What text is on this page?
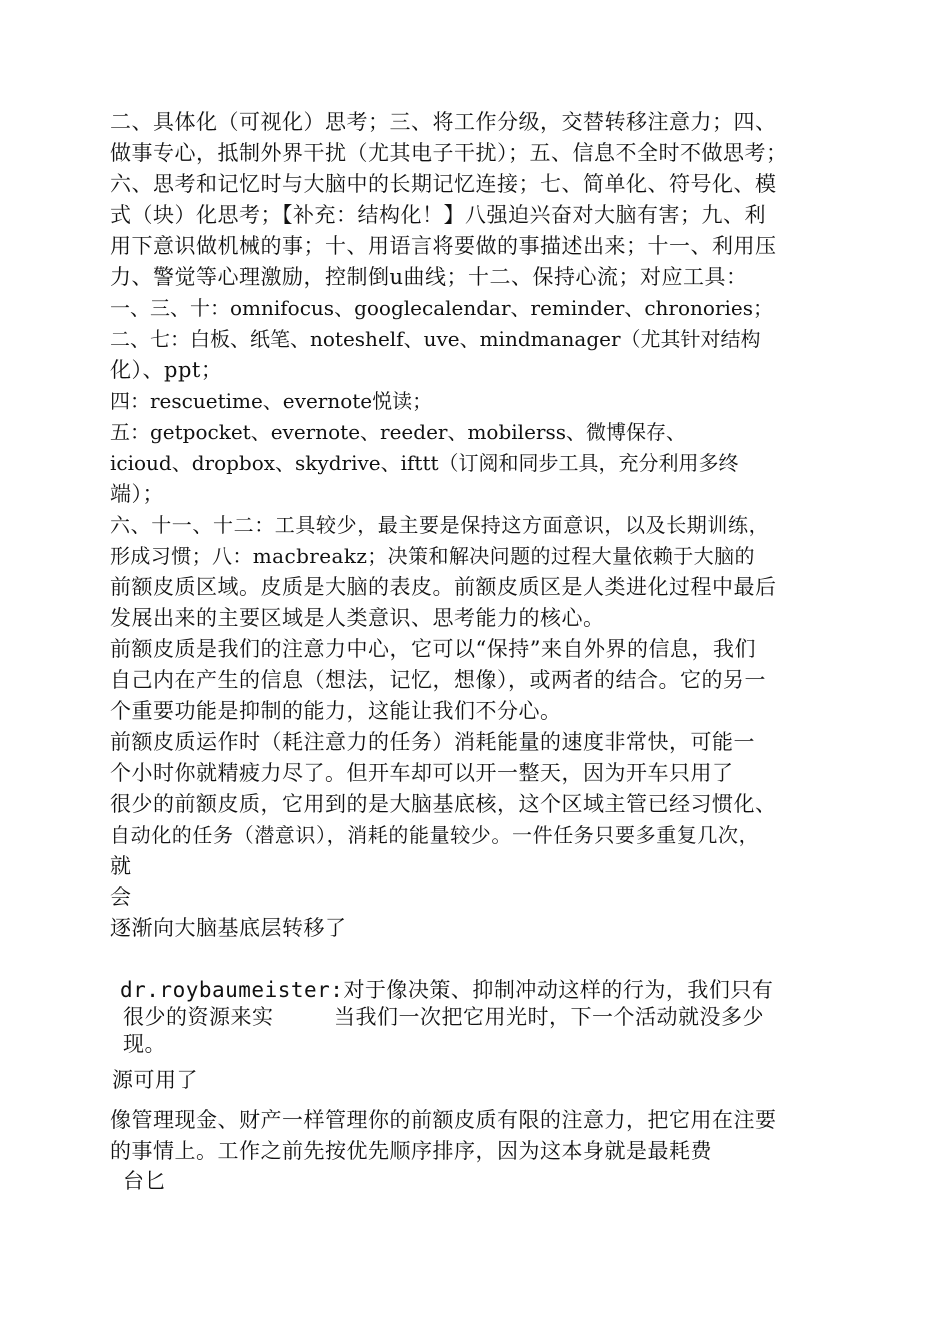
二、具体化（可视化）思考；三、将工作分级，交替转移注意力；四、

做事专心，抵制外界干扰（尤其电子干扰）；五、信息不全时不做思考；

六、思考和记忆时与大脑中的长期记忆连接；七、简单化、符号化、模

式（块）化思考；【补充：结构化！】八强迫兴奋对大脑有害；九、利

用下意识做机械的事；十、用语言将要做的事描述出来；十一、利用压

力、警觉等心理激励，控制倒u曲线；十二、保持心流；对应工具：

一、三、十：omnifocus、googlecalendar、reminder、chronories；

二、七：白板、纸笔、noteshelf、uve、mindmanager（尤其针对结构

化）、ppt；

四：rescuetime、evernote悦读；

五：getpocket、evernote、reeder、mobilerss、微博保存、

icioud、dropbox、skydrive、ifttt（订阅和同步工具，充分利用多终

端）；

六、十一、十二：工具较少，最主要是保持这方面意识，以及长期训练，

形成习惯；八：macbreakz；决策和解决问题的过程大量依赖于大脑的

前额皮质区域。皮质是大脑的表皮。前额皮质区是人类进化过程中最后

发展出来的主要区域是人类意识、思考能力的核心。

前额皮质是我们的注意力中心，它可以“保持”来自外界的信息，我们

自己内在产生的信息（想法，记忆，想像），或两者的结合。它的另一

个重要功能是抑制的能力，这能让我们不分心。

前额皮质运作时（耗注意力的任务）消耗能量的速度非常快，可能一

个小时你就精疲力尽了。但开车却可以开一整天，因为开车只用了

很少的前额皮质，它用到的是大脑基底核，这个区域主管已经习惯化、

自动化的任务（潜意识），消耗的能量较少。一件任务只要多重复几次，

就

会

逐渐向大脑基底层转移了

dr.roybaumeister:对于像决策、抑制冲动这样的行为，我们只有

很少的资源来实	当我们一次把它用光时，下一个活动就没多少

现。

源可用了

像管理现金、财产一样管理你的前额皮质有限的注意力，把它用在注要

的事情上。工作之前先按优先顺序排序，因为这本身就是最耗费

台匕
